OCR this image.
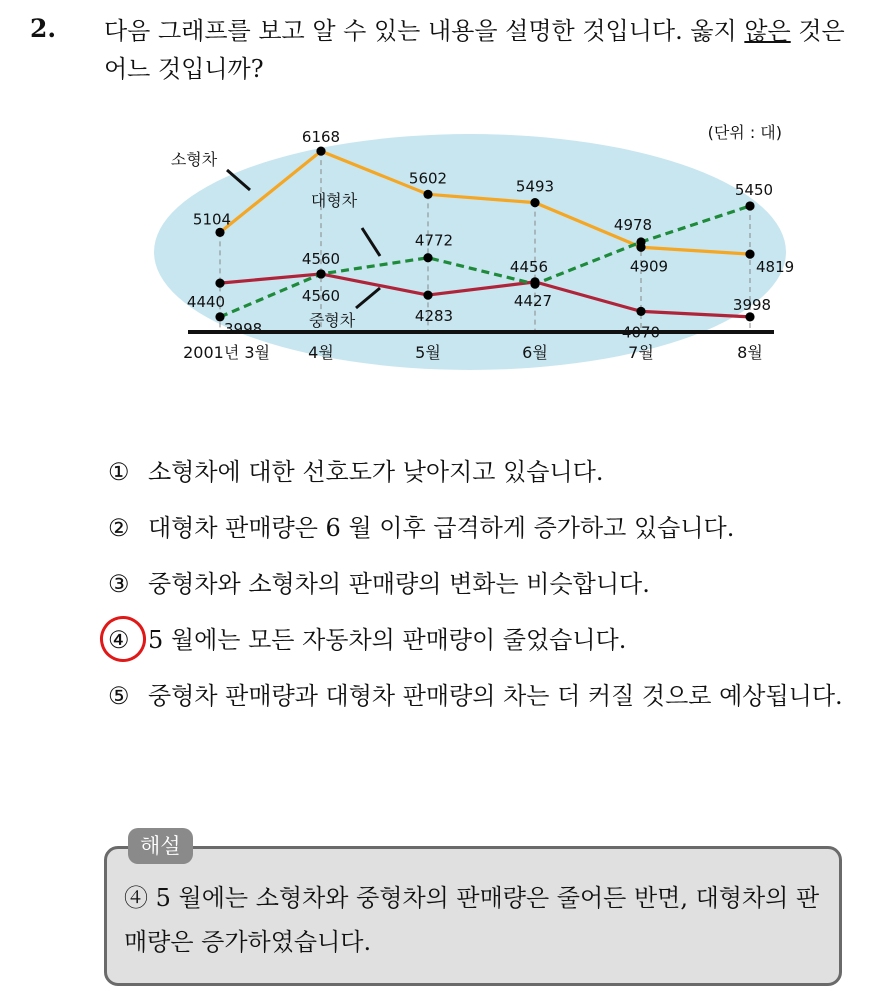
2. 다음 그래프를 보고 알 수 있는 내용을 설명한 것입니다. 옳지 않은 것은 어느 것입니까?
5104
6168
5602	5493
4909	4819
4440
4560
4283
4456
4070
3998
3998
4560
4772
4427
4978
5450
소형차
중형차
대형차
(단위 : 대)
2001년 3월 4월	5월	6월	7월	8월
① 소형차에 대한 선호도가 낮아지고 있습니다.
② 대형차 판매량은 6 월 이후 급격하게 증가하고 있습니다.
③ 중형차와 소형차의 판매량의 변화는 비슷합니다.
④ 5 월에는 모든 자동차의 판매량이 줄었습니다.
⑤ 중형차 판매량과 대형차 판매량의 차는 더 커질 것으로 예상됩니다.
해설
④ 5 월에는 소형차와 중형차의 판매량은 줄어든 반면, 대형차의 판매량은 증가하였습니다.
